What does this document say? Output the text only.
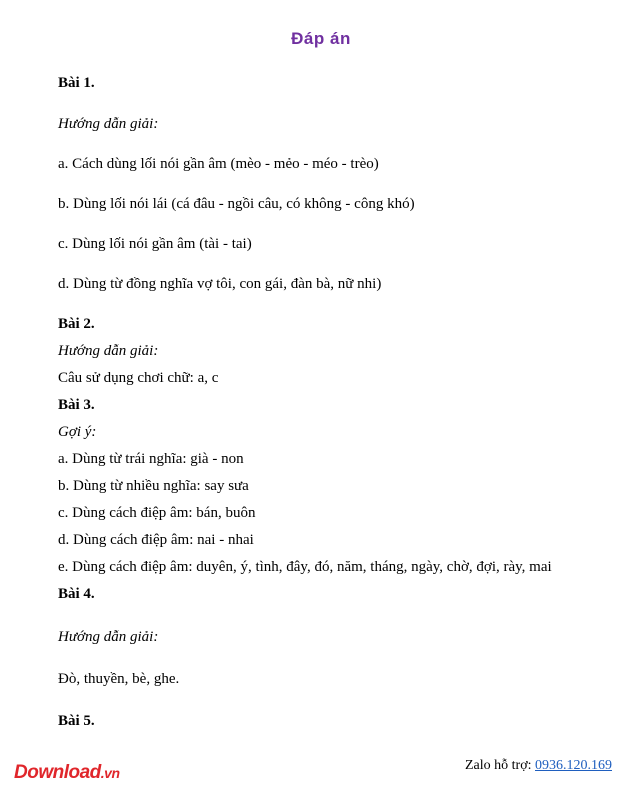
Đáp án
Bài 1.
Hướng dẫn giải:
a. Cách dùng lối nói gần âm (mèo - mẻo - méo - trèo)
b. Dùng lối nói lái (cá đâu - ngồi câu, có không - công khó)
c. Dùng lối nói gần âm (tài - tai)
d. Dùng từ đồng nghĩa vợ tôi, con gái, đàn bà, nữ nhi)
Bài 2.
Hướng dẫn giải:
Câu sử dụng chơi chữ: a, c
Bài 3.
Gợi ý:
a. Dùng từ trái nghĩa: già - non
b. Dùng từ nhiều nghĩa: say sưa
c. Dùng cách điệp âm: bán, buôn
d. Dùng cách điệp âm: nai - nhai
e. Dùng cách điệp âm: duyên, ý, tình, đây, đó, năm, tháng, ngày, chờ, đợi, rày, mai
Bài 4.
Hướng dẫn giải:
Đò, thuyền, bè, ghe.
Bài 5.
Download.vn	Zalo hỗ trợ: 0936.120.169
